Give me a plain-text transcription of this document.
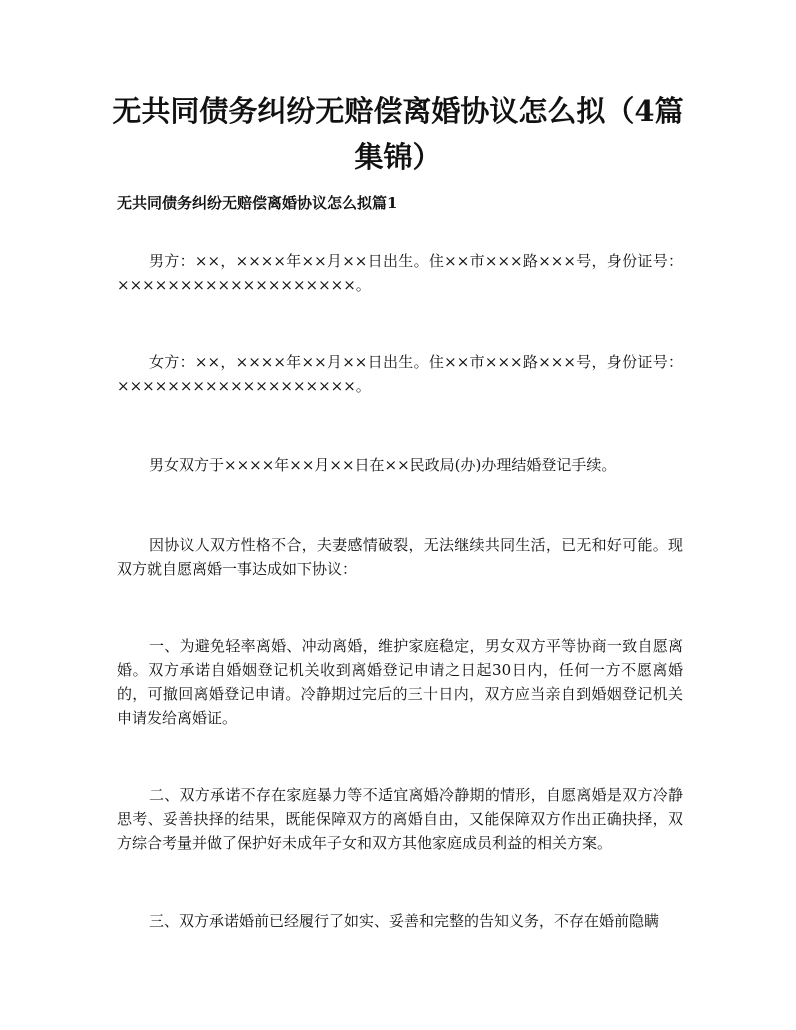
无共同债务纠纷无赔偿离婚协议怎么拟（4篇集锦）
无共同债务纠纷无赔偿离婚协议怎么拟篇1

男方：××，××××年××月××日出生。住××市×××路×××号，身份证号：×××××××××××××××××××。

女方：××，××××年××月××日出生。住××市×××路×××号，身份证号：×××××××××××××××××××。

男女双方于××××年××月××日在××民政局(办)办理结婚登记手续。

因协议人双方性格不合，夫妻感情破裂，无法继续共同生活，已无和好可能。现双方就自愿离婚一事达成如下协议：

一、为避免轻率离婚、冲动离婚，维护家庭稳定，男女双方平等协商一致自愿离婚。双方承诺自婚姻登记机关收到离婚登记申请之日起30日内，任何一方不愿离婚的，可撤回离婚登记申请。冷静期过完后的三十日内，双方应当亲自到婚姻登记机关申请发给离婚证。

二、双方承诺不存在家庭暴力等不适宜离婚冷静期的情形，自愿离婚是双方冷静思考、妥善抉择的结果，既能保障双方的离婚自由，又能保障双方作出正确抉择，双方综合考量并做了保护好未成年子女和双方其他家庭成员利益的相关方案。

三、双方承诺婚前已经履行了如实、妥善和完整的告知义务，不存在婚前隐瞒
